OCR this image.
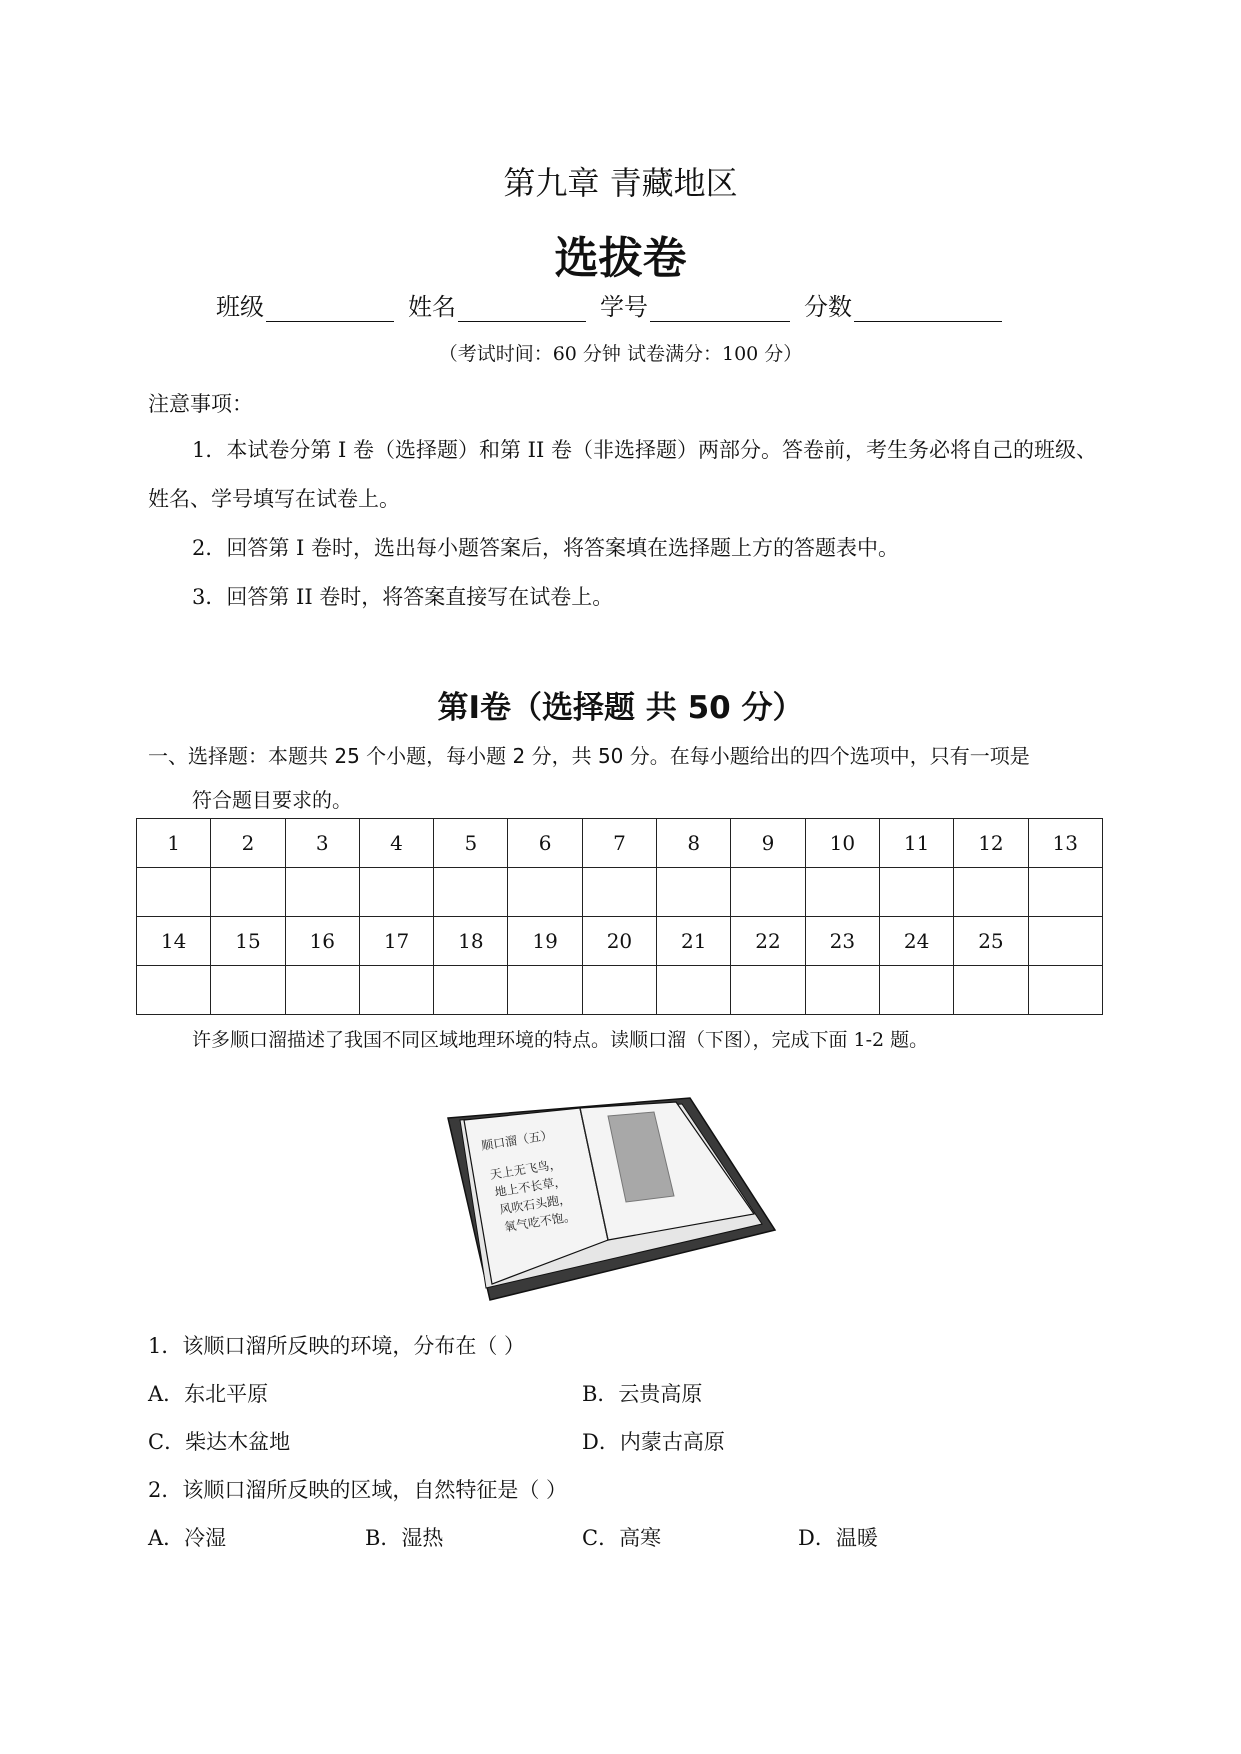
第九章 青藏地区
选拔卷
班级	姓名	学号	分数
（考试时间：60 分钟 试卷满分：100 分）
注意事项：
1．本试卷分第 I 卷（选择题）和第 II 卷（非选择题）两部分。答卷前，考生务必将自己的班级、
姓名、学号填写在试卷上。
2．回答第 I 卷时，选出每小题答案后，将答案填在选择题上方的答题表中。
3．回答第 II 卷时，将答案直接写在试卷上。
第I卷（选择题 共 50 分）
一、选择题：本题共 25 个小题，每小题 2 分，共 50 分。在每小题给出的四个选项中，只有一项是
符合题目要求的。
1	2	3	4	5	6	7	8	9	10	11	12	13

14	15	16	17	18	19	20	21	22	23	24	25	

许多顺口溜描述了我国不同区域地理环境的特点。读顺口溜（下图），完成下面 1-2 题。
顺口溜（五）
天上无飞鸟，
地上不长草，
风吹石头跑，
氧气吃不饱。
1．该顺口溜所反映的环境，分布在（ ）
A．东北平原	B．云贵高原
C．柴达木盆地	D．内蒙古高原
2．该顺口溜所反映的区域，自然特征是（ ）
A．冷湿	B．湿热	C．高寒	D．温暖
